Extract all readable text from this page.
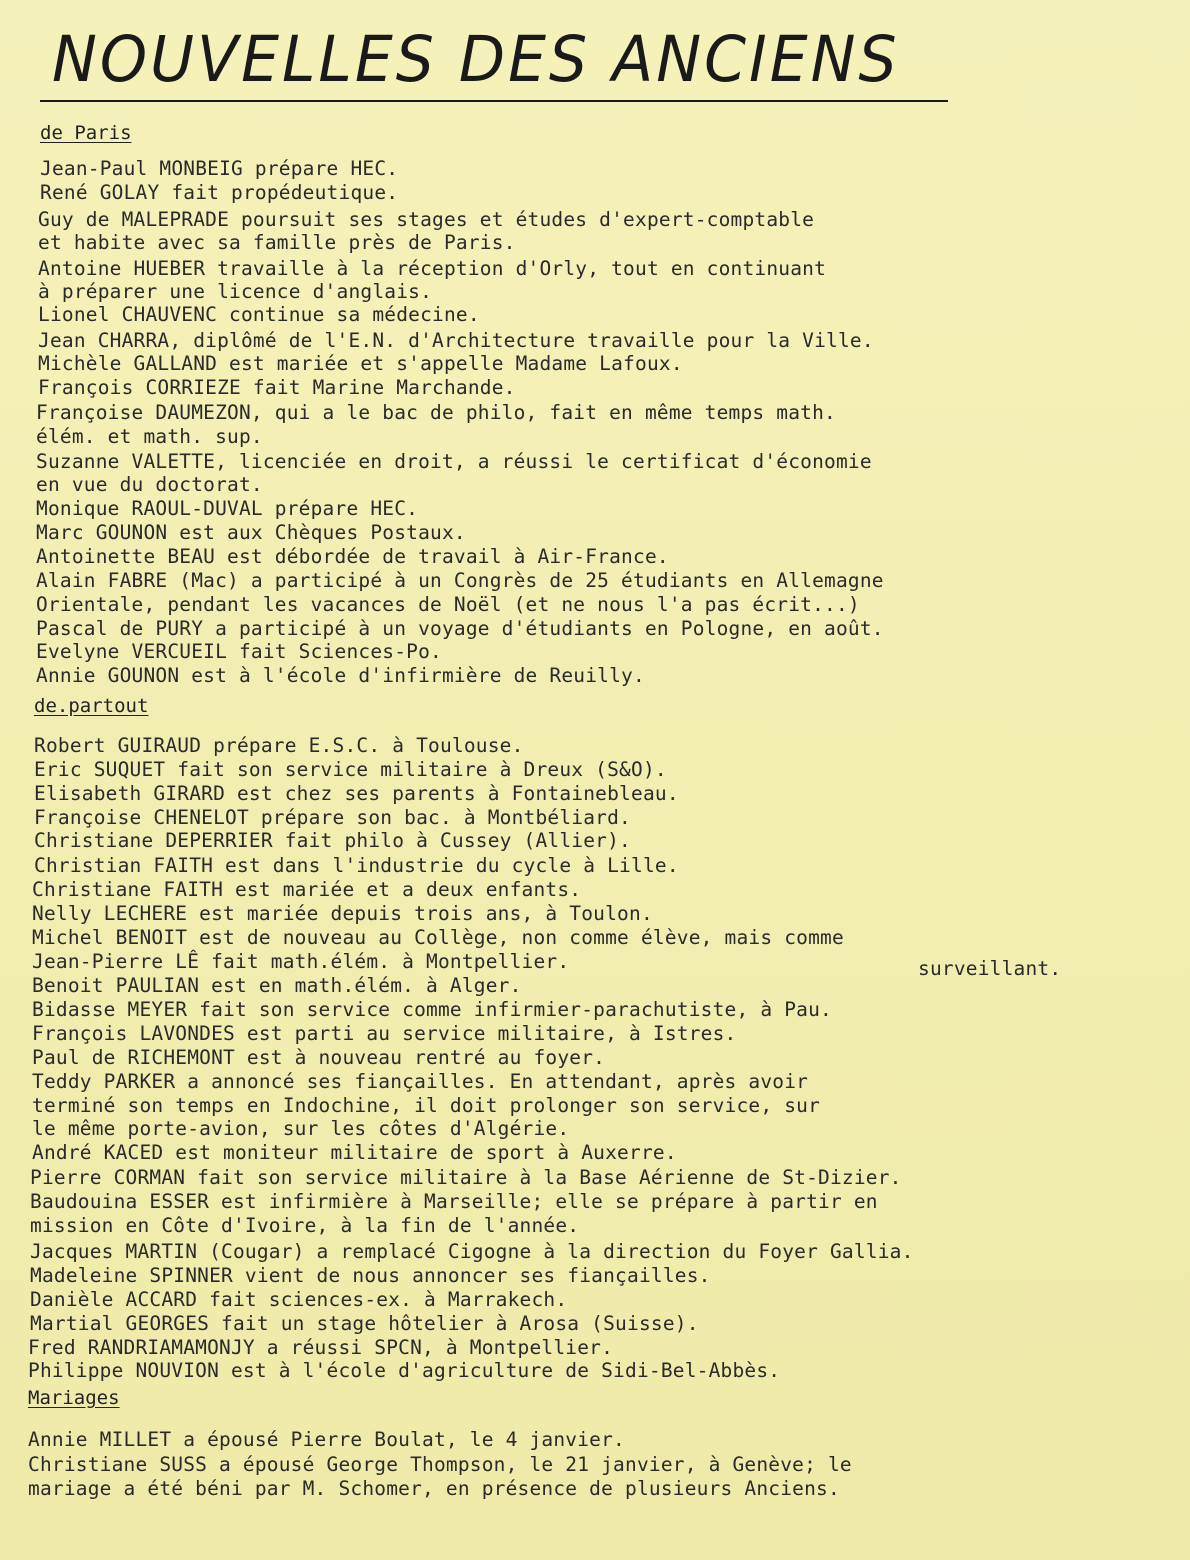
NOUVELLES DES ANCIENS
de Paris
Jean-Paul MONBEIG prépare HEC.
René GOLAY fait propédeutique.
Guy de MALEPRADE poursuit ses stages et études d'expert-comptable
et habite avec sa famille près de Paris.
Antoine HUEBER travaille à la réception d'Orly, tout en continuant
à préparer une licence d'anglais.
Lionel CHAUVENC continue sa médecine.
Jean CHARRA, diplômé de l'E.N. d'Architecture travaille pour la Ville.
Michèle GALLAND est mariée et s'appelle Madame Lafoux.
François CORRIEZE fait Marine Marchande.
Françoise DAUMEZON, qui a le bac de philo, fait en même temps math.
élém. et math. sup.
Suzanne VALETTE, licenciée en droit, a réussi le certificat d'économie
en vue du doctorat.
Monique RAOUL-DUVAL prépare HEC.
Marc GOUNON est aux Chèques Postaux.
Antoinette BEAU est débordée de travail à Air-France.
Alain FABRE (Mac) a participé à un Congrès de 25 étudiants en Allemagne
Orientale, pendant les vacances de Noël (et ne nous l'a pas écrit...)
Pascal de PURY a participé à un voyage d'étudiants en Pologne, en août.
Evelyne VERCUEIL fait Sciences-Po.
Annie GOUNON est à l'école d'infirmière de Reuilly.
de.partout
Robert GUIRAUD prépare E.S.C. à Toulouse.
Eric SUQUET fait son service militaire à Dreux (S&O).
Elisabeth GIRARD est chez ses parents à Fontainebleau.
Françoise CHENELOT prépare son bac. à Montbéliard.
Christiane DEPERRIER fait philo à Cussey (Allier).
Christian FAITH est dans l'industrie du cycle à Lille.
Christiane FAITH est mariée et a deux enfants.
Nelly LECHERE est mariée depuis trois ans, à Toulon.
Michel BENOIT est de nouveau au Collège, non comme élève, mais comme
Jean-Pierre LÊ fait math.élém. à Montpellier.	surveillant.
Benoit PAULIAN est en math.élém. à Alger.
Bidasse MEYER fait son service comme infirmier-parachutiste, à Pau.
François LAVONDES est parti au service militaire, à Istres.
Paul de RICHEMONT est à nouveau rentré au foyer.
Teddy PARKER a annoncé ses fiançailles. En attendant, après avoir
terminé son temps en Indochine, il doit prolonger son service, sur
le même porte-avion, sur les côtes d'Algérie.
André KACED est moniteur militaire de sport à Auxerre.
Pierre CORMAN fait son service militaire à la Base Aérienne de St-Dizier.
Baudouina ESSER est infirmière à Marseille; elle se prépare à partir en
mission en Côte d'Ivoire, à la fin de l'année.
Jacques MARTIN (Cougar) a remplacé Cigogne à la direction du Foyer Gallia.
Madeleine SPINNER vient de nous annoncer ses fiançailles.
Danièle ACCARD fait sciences-ex. à Marrakech.
Martial GEORGES fait un stage hôtelier à Arosa (Suisse).
Fred RANDRIAMAMONJY a réussi SPCN, à Montpellier.
Philippe NOUVION est à l'école d'agriculture de Sidi-Bel-Abbès.
Mariages
Annie MILLET a épousé Pierre Boulat, le 4 janvier.
Christiane SUSS a épousé George Thompson, le 21 janvier, à Genève; le
mariage a été béni par M. Schomer, en présence de plusieurs Anciens.
